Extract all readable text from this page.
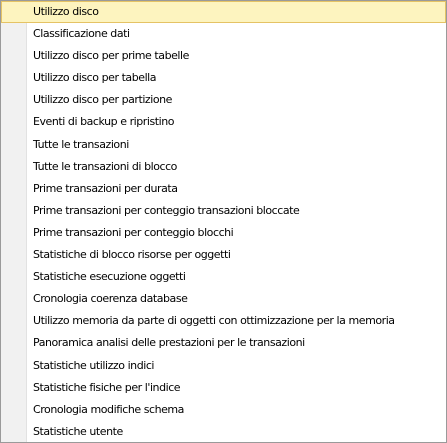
Utilizzo disco
Classificazione dati
Utilizzo disco per prime tabelle
Utilizzo disco per tabella
Utilizzo disco per partizione
Eventi di backup e ripristino
Tutte le transazioni
Tutte le transazioni di blocco
Prime transazioni per durata
Prime transazioni per conteggio transazioni bloccate
Prime transazioni per conteggio blocchi
Statistiche di blocco risorse per oggetti
Statistiche esecuzione oggetti
Cronologia coerenza database
Utilizzo memoria da parte di oggetti con ottimizzazione per la memoria
Panoramica analisi delle prestazioni per le transazioni
Statistiche utilizzo indici
Statistiche fisiche per l'indice
Cronologia modifiche schema
Statistiche utente
